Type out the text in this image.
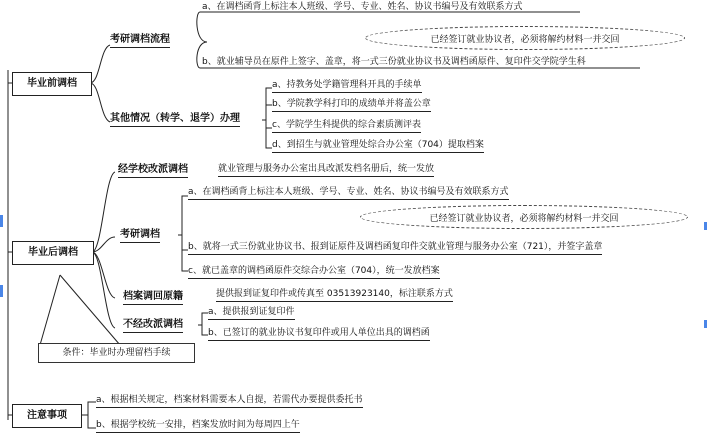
毕业前调档
考研调档流程
a、在调档函背上标注本人班级、学号、专业、姓名、协议书编号及有效联系方式
已经签订就业协议者，必须将解约材料一并交回
b、就业辅导员在原件上签字、盖章，将一式三份就业协议书及调档函原件、复印件交学院学生科
其他情况（转学、退学）办理
a、持教务处学籍管理科开具的手续单
b、学院教学科打印的成绩单并将盖公章
c、学院学生科提供的综合素质测评表
d、到招生与就业管理处综合办公室（704）提取档案
毕业后调档
经学校改派调档	就业管理与服务办公室出具改派发档名册后，统一发放
考研调档
a、在调档函背上标注本人班级、学号、专业、姓名、协议书编号及有效联系方式
已经签订就业协议者，必须将解约材料一并交回
b、就将一式三份就业协议书、报到证原件及调档函复印件交就业管理与服务办公室（721），并签字盖章
c、就已盖章的调档函原件交综合办公室（704），统一发放档案
档案调回原籍	提供报到证复印件或传真至 03513923140，标注联系方式
不经改派调档
a、提供报到证复印件
b、已签订的就业协议书复印件或用人单位出具的调档函
条件：毕业时办理留档手续
注意事项
a、根据相关规定，档案材料需要本人自提，若需代办要提供委托书
b、根据学校统一安排，档案发放时间为每周四上午
